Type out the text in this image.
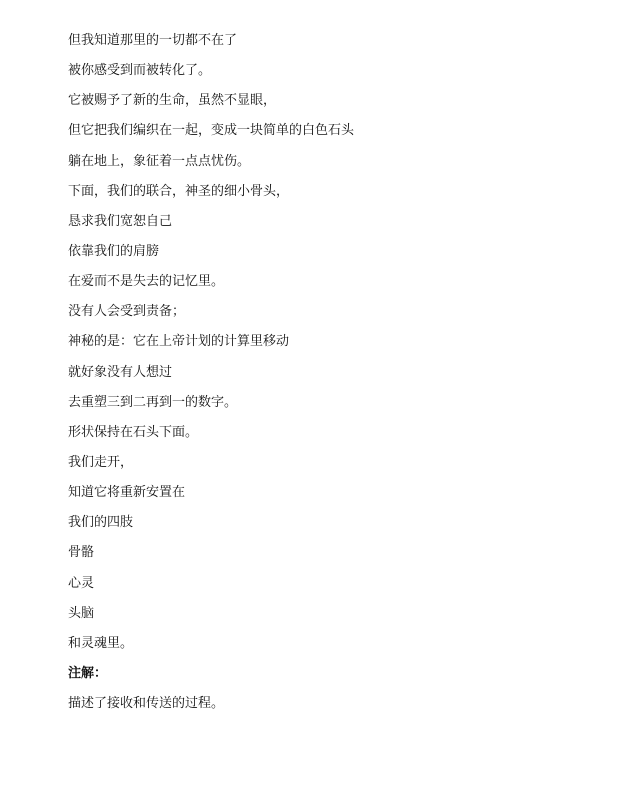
但我知道那里的一切都不在了
被你感受到而被转化了。
它被赐予了新的生命，虽然不显眼，
但它把我们编织在一起，变成一块简单的白色石头
躺在地上，象征着一点点忧伤。
下面，我们的联合，神圣的细小骨头，
恳求我们宽恕自己
依靠我们的肩膀
在爱而不是失去的记忆里。
没有人会受到责备；
神秘的是：它在上帝计划的计算里移动
就好象没有人想过
去重塑三到二再到一的数字。
形状保持在石头下面。
我们走开，
知道它将重新安置在
我们的四肢
骨骼
心灵
头脑
和灵魂里。
注解：
描述了接收和传送的过程。
